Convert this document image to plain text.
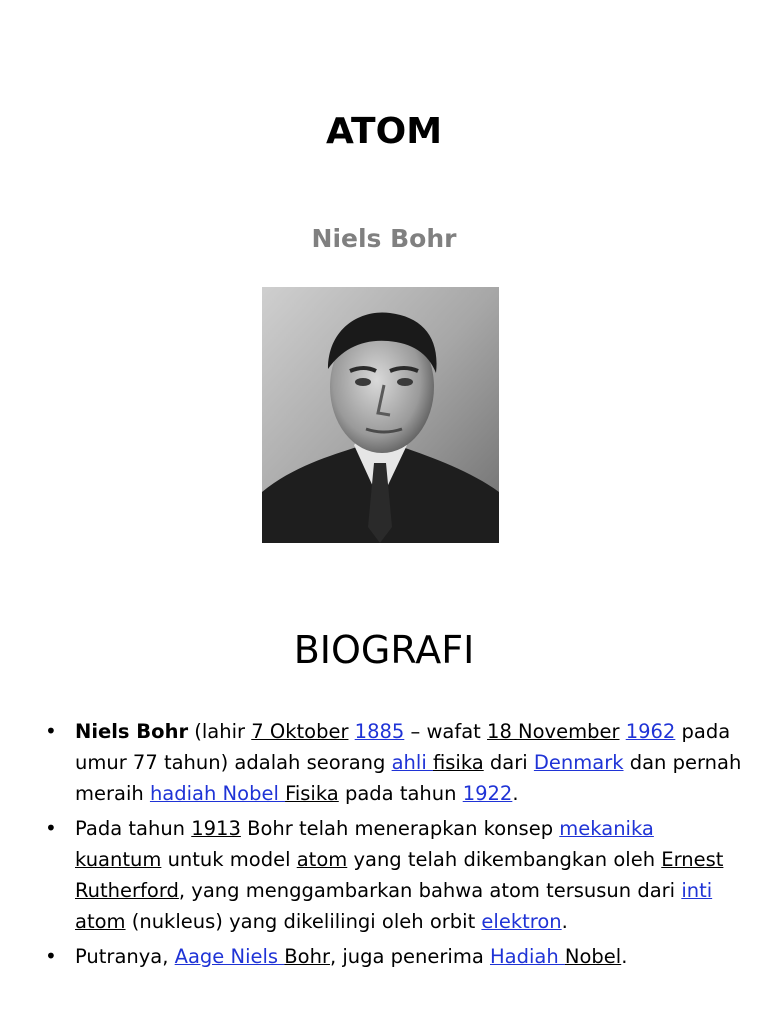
ATOM
Niels Bohr
BIOGRAFI
• Niels Bohr (lahir 7 Oktober 1885 – wafat 18 November 1962 pada umur 77 tahun) adalah seorang ahli fisika dari Denmark dan pernah meraih hadiah Nobel Fisika pada tahun 1922.
• Pada tahun 1913 Bohr telah menerapkan konsep mekanika kuantum untuk model atom yang telah dikembangkan oleh Ernest Rutherford, yang menggambarkan bahwa atom tersusun dari inti atom (nukleus) yang dikelilingi oleh orbit elektron.
• Putranya, Aage Niels Bohr, juga penerima Hadiah Nobel.
